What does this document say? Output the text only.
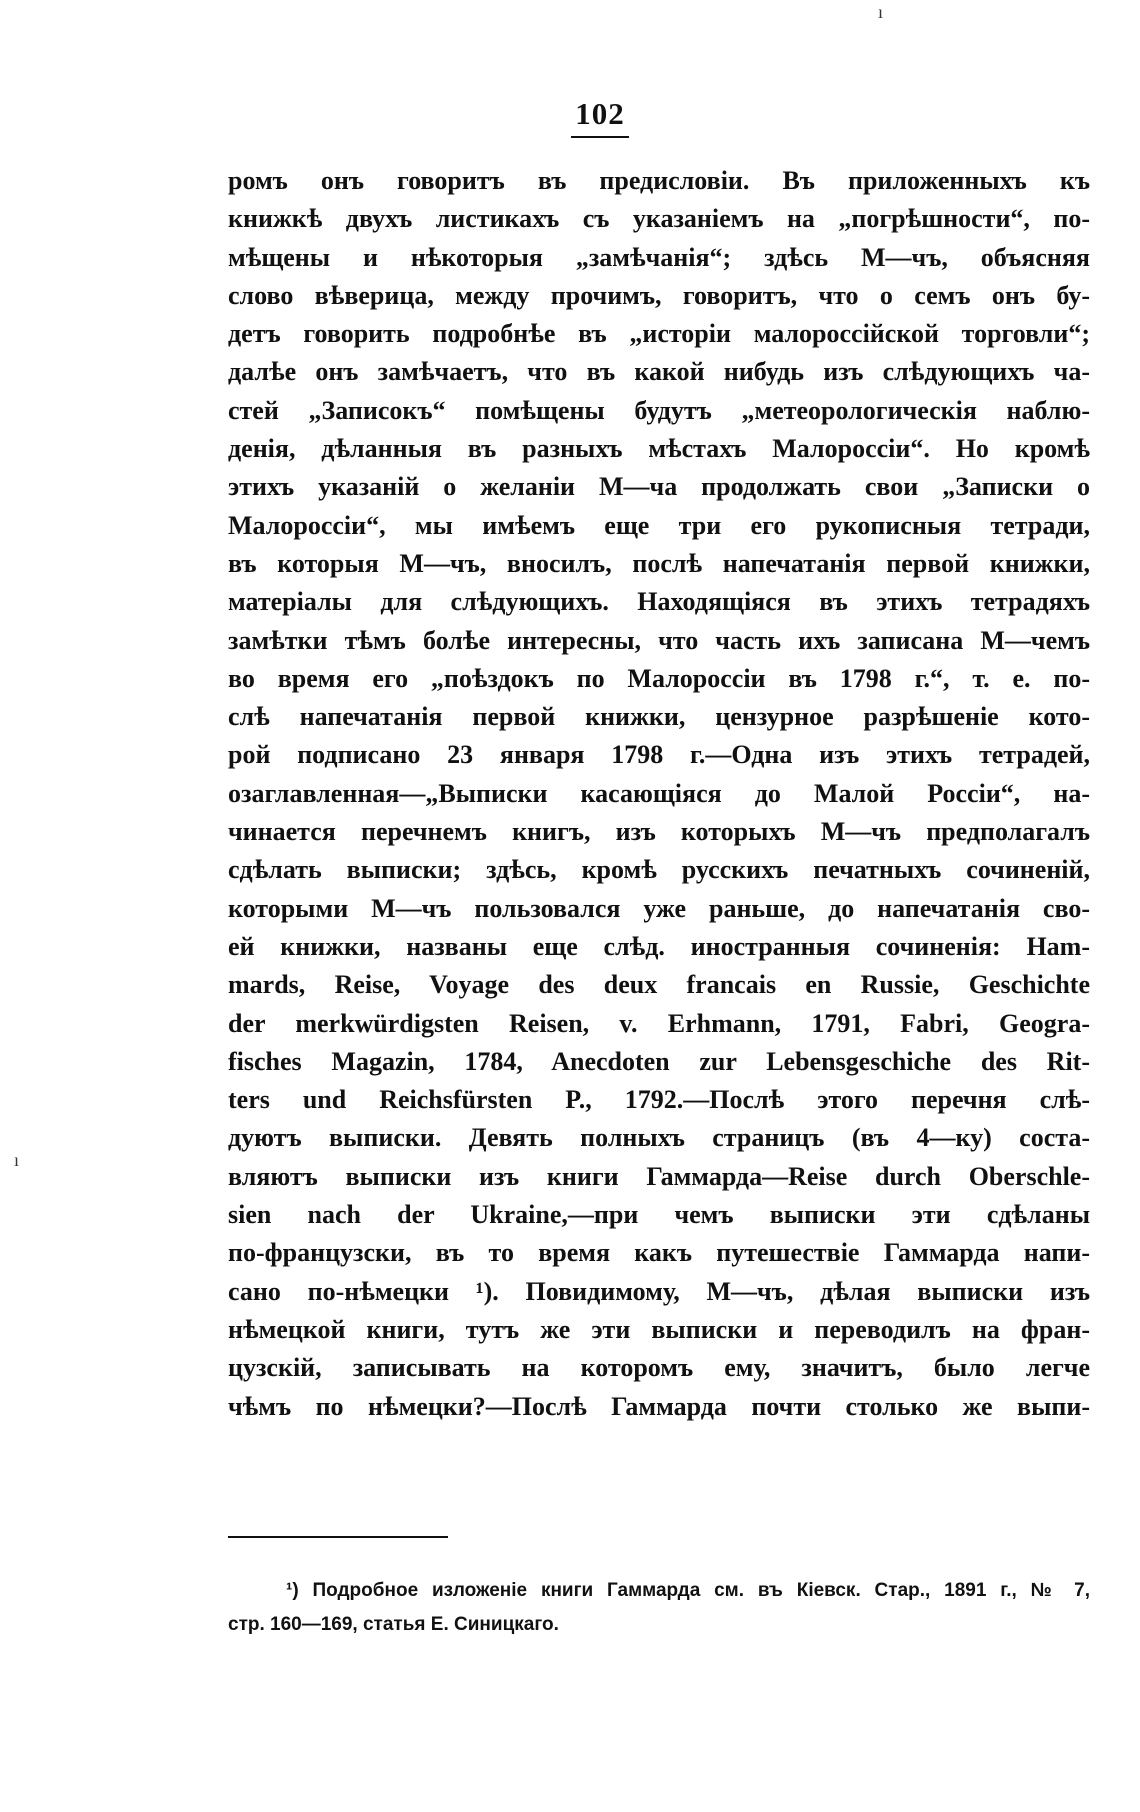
102
ромъ онъ говоритъ въ предисловіи. Въ приложенныхъ къ
книжкѣ двухъ листикахъ съ указаніемъ на „погрѣшности“, по-
мѣщены и нѣкоторыя „замѣчанія“; здѣсь М—чъ, объясняя
слово вѣверица, между прочимъ, говоритъ, что о семъ онъ бу-
детъ говорить подробнѣе въ „исторіи малороссійской торговли“;
далѣе онъ замѣчаетъ, что въ какой нибудь изъ слѣдующихъ ча-
стей „Записокъ“ помѣщены будутъ „метеорологическія наблю-
денія, дѣланныя въ разныхъ мѣстахъ Малороссіи“. Но кромѣ
этихъ указаній о желаніи М—ча продолжать свои „Записки о
Малороссіи“, мы имѣемъ еще три его рукописныя тетради,
въ которыя М—чъ, вносилъ, послѣ напечатанія первой книжки,
матеріалы для слѣдующихъ. Находящіяся въ этихъ тетрадяхъ
замѣтки тѣмъ болѣе интересны, что часть ихъ записана М—чемъ
во время его „поѣздокъ по Малороссіи въ 1798 г.“, т. е. по-
слѣ напечатанія первой книжки, цензурное разрѣшеніе кото-
рой подписано 23 января 1798 г.—Одна изъ этихъ тетрадей,
озаглавленная—„Выписки касающіяся до Малой Россіи“, на-
чинается перечнемъ книгъ, изъ которыхъ М—чъ предполагалъ
сдѣлать выписки; здѣсь, кромѣ русскихъ печатныхъ сочиненій,
которыми М—чъ пользовался уже раньше, до напечатанія сво-
ей книжки, названы еще слѣд. иностранныя сочиненія: Ham-
mards, Reise, Voyage des deux francais en Russie, Geschichte
der merkwürdigsten Reisen, v. Erhmann, 1791, Fabri, Geogra-
fisches Magazin, 1784, Anecdoten zur Lebensgeschiche des Rit-
ters und Reichsfürsten P., 1792.—Послѣ этого перечня слѣ-
дуютъ выписки. Девять полныхъ страницъ (въ 4—ку) соста-
вляютъ выписки изъ книги Гаммарда—Reise durch Oberschle-
sien nach der Ukraine,—при чемъ выписки эти сдѣланы
по-французски, въ то время какъ путешествіе Гаммарда напи-
сано по-нѣмецки ¹). Повидимому, М—чъ, дѣлая выписки изъ
нѣмецкой книги, тутъ же эти выписки и переводилъ на фран-
цузскій, записывать на которомъ ему, значитъ, было легче
чѣмъ по нѣмецки?—Послѣ Гаммарда почти столько же выпи-
¹) Подробное изложеніе книги Гаммарда см. въ Кіевск. Стар., 1891 г., № 7,
стр. 160—169, статья Е. Синицкаго.
ı
ı
